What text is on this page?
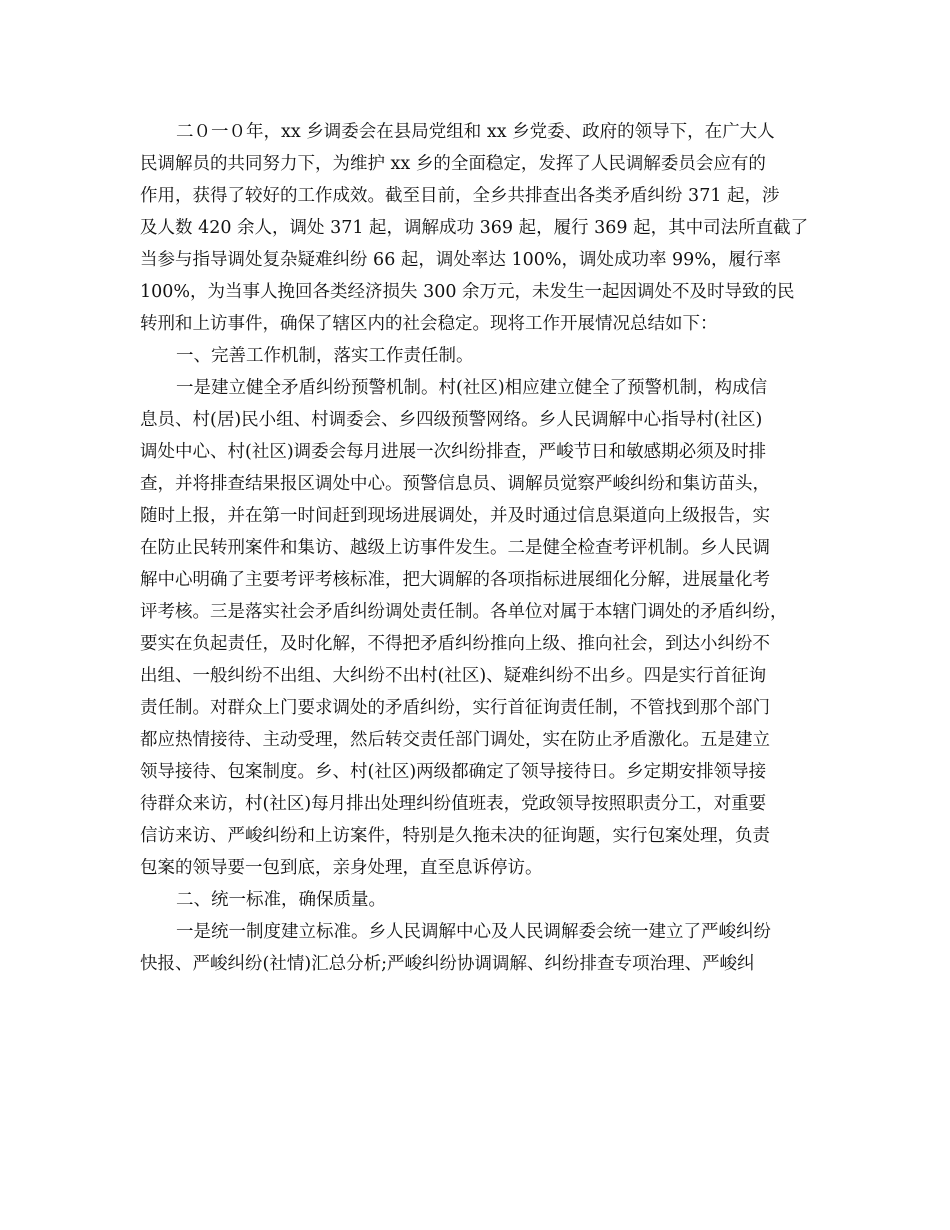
二０一０年，xx 乡调委会在县局党组和 xx 乡党委、政府的领导下，在广大人

民调解员的共同努力下，为维护 xx 乡的全面稳定，发挥了人民调解委员会应有的

作用，获得了较好的工作成效。截至目前，全乡共排查出各类矛盾纠纷 371 起，涉

及人数 420 余人，调处 371 起，调解成功 369 起，履行 369 起，其中司法所直截了

当参与指导调处复杂疑难纠纷 66 起，调处率达 100%，调处成功率 99%，履行率

100%，为当事人挽回各类经济损失 300 余万元，未发生一起因调处不及时导致的民

转刑和上访事件，确保了辖区内的社会稳定。现将工作开展情况总结如下：

一、完善工作机制，落实工作责任制。

一是建立健全矛盾纠纷预警机制。村(社区)相应建立健全了预警机制，构成信

息员、村(居)民小组、村调委会、乡四级预警网络。乡人民调解中心指导村(社区)

调处中心、村(社区)调委会每月进展一次纠纷排查，严峻节日和敏感期必须及时排

查，并将排查结果报区调处中心。预警信息员、调解员觉察严峻纠纷和集访苗头，

随时上报，并在第一时间赶到现场进展调处，并及时通过信息渠道向上级报告，实

在防止民转刑案件和集访、越级上访事件发生。二是健全检查考评机制。乡人民调

解中心明确了主要考评考核标准，把大调解的各项指标进展细化分解，进展量化考

评考核。三是落实社会矛盾纠纷调处责任制。各单位对属于本辖门调处的矛盾纠纷，

要实在负起责任，及时化解，不得把矛盾纠纷推向上级、推向社会，到达小纠纷不

出组、一般纠纷不出组、大纠纷不出村(社区)、疑难纠纷不出乡。四是实行首征询

责任制。对群众上门要求调处的矛盾纠纷，实行首征询责任制，不管找到那个部门

都应热情接待、主动受理，然后转交责任部门调处，实在防止矛盾激化。五是建立

领导接待、包案制度。乡、村(社区)两级都确定了领导接待日。乡定期安排领导接

待群众来访，村(社区)每月排出处理纠纷值班表，党政领导按照职责分工，对重要

信访来访、严峻纠纷和上访案件，特别是久拖未决的征询题，实行包案处理，负责

包案的领导要一包到底，亲身处理，直至息诉停访。

二、统一标准，确保质量。

一是统一制度建立标准。乡人民调解中心及人民调解委会统一建立了严峻纠纷

快报、严峻纠纷(社情)汇总分析;严峻纠纷协调调解、纠纷排查专项治理、严峻纠
